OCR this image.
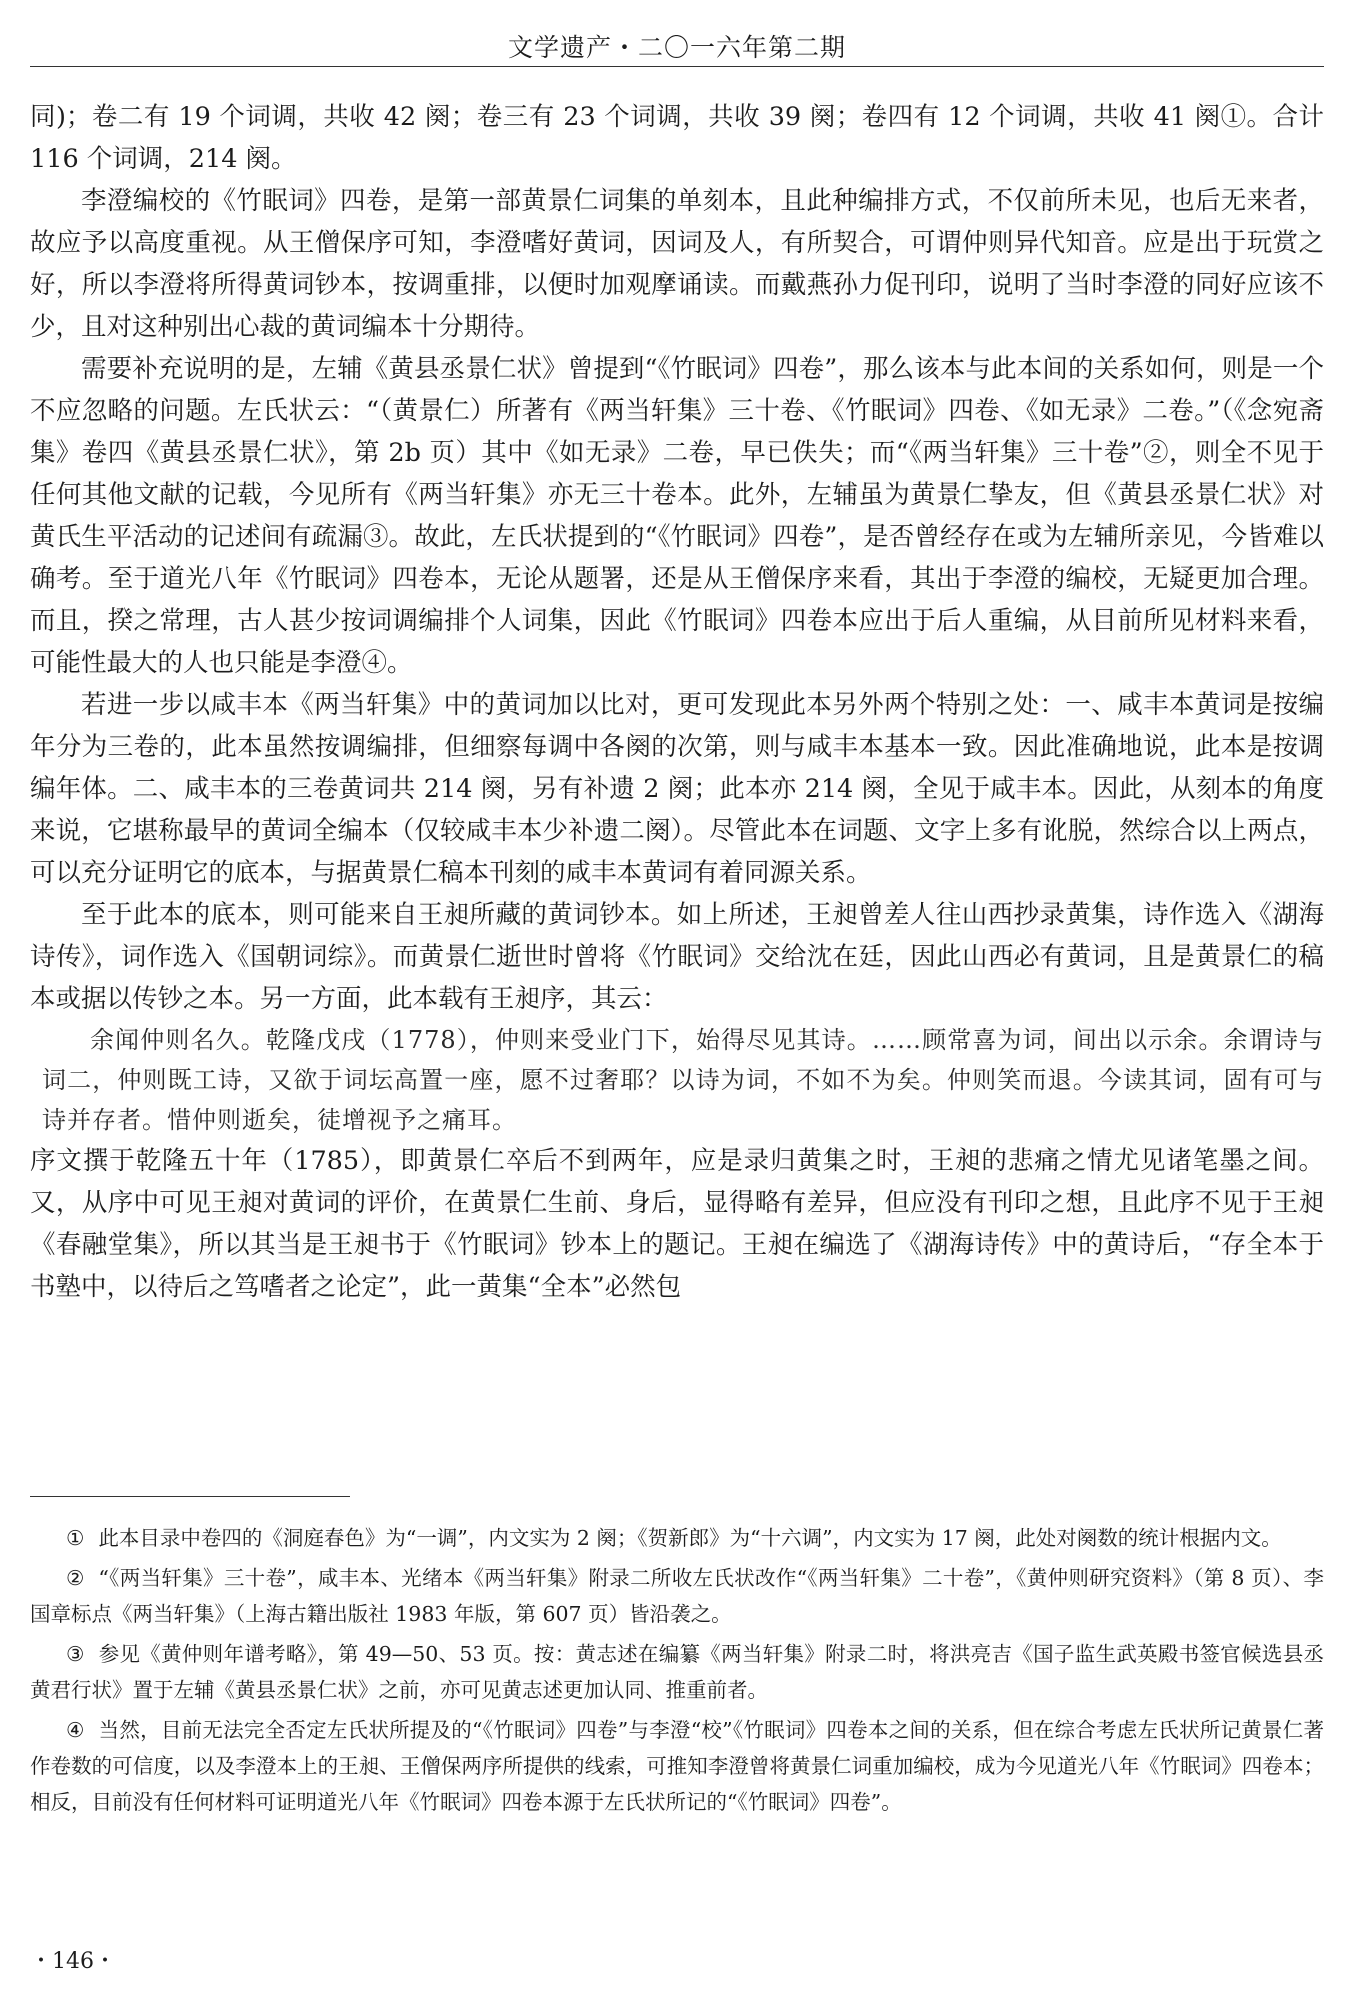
文学遗产・二〇一六年第二期

同)；卷二有 19 个词调，共收 42 阕；卷三有 23 个词调，共收 39 阕；卷四有 12 个词调，共收 41 阕①。合计 116 个词调，214 阕。

李澄编校的《竹眠词》四卷，是第一部黄景仁词集的单刻本，且此种编排方式，不仅前所未见，也后无来者，故应予以高度重视。从王僧保序可知，李澄嗜好黄词，因词及人，有所契合，可谓仲则异代知音。应是出于玩赏之好，所以李澄将所得黄词钞本，按调重排，以便时加观摩诵读。而戴燕孙力促刊印，说明了当时李澄的同好应该不少，且对这种别出心裁的黄词编本十分期待。

需要补充说明的是，左辅《黄县丞景仁状》曾提到“《竹眠词》四卷”，那么该本与此本间的关系如何，则是一个不应忽略的问题。左氏状云：“（黄景仁）所著有《两当轩集》三十卷、《竹眠词》四卷、《如无录》二卷。”（《念宛斋集》卷四《黄县丞景仁状》，第 2b 页）其中《如无录》二卷，早已佚失；而“《两当轩集》三十卷”②，则全不见于任何其他文献的记载，今见所有《两当轩集》亦无三十卷本。此外，左辅虽为黄景仁挚友，但《黄县丞景仁状》对黄氏生平活动的记述间有疏漏③。故此，左氏状提到的“《竹眠词》四卷”，是否曾经存在或为左辅所亲见，今皆难以确考。至于道光八年《竹眠词》四卷本，无论从题署，还是从王僧保序来看，其出于李澄的编校，无疑更加合理。而且，揆之常理，古人甚少按词调编排个人词集，因此《竹眠词》四卷本应出于后人重编，从目前所见材料来看，可能性最大的人也只能是李澄④。

若进一步以咸丰本《两当轩集》中的黄词加以比对，更可发现此本另外两个特别之处：一、咸丰本黄词是按编年分为三卷的，此本虽然按调编排，但细察每调中各阕的次第，则与咸丰本基本一致。因此准确地说，此本是按调编年体。二、咸丰本的三卷黄词共 214 阕，另有补遗 2 阕；此本亦 214 阕，全见于咸丰本。因此，从刻本的角度来说，它堪称最早的黄词全编本（仅较咸丰本少补遗二阕）。尽管此本在词题、文字上多有讹脱，然综合以上两点，可以充分证明它的底本，与据黄景仁稿本刊刻的咸丰本黄词有着同源关系。

至于此本的底本，则可能来自王昶所藏的黄词钞本。如上所述，王昶曾差人往山西抄录黄集，诗作选入《湖海诗传》，词作选入《国朝词综》。而黄景仁逝世时曾将《竹眠词》交给沈在廷，因此山西必有黄词，且是黄景仁的稿本或据以传钞之本。另一方面，此本载有王昶序，其云：

余闻仲则名久。乾隆戊戌（1778），仲则来受业门下，始得尽见其诗。……顾常喜为词，间出以示余。余谓诗与词二，仲则既工诗，又欲于词坛高置一座，愿不过奢耶？以诗为词，不如不为矣。仲则笑而退。今读其词，固有可与诗并存者。惜仲则逝矣，徒增视予之痛耳。

序文撰于乾隆五十年（1785），即黄景仁卒后不到两年，应是录归黄集之时，王昶的悲痛之情尤见诸笔墨之间。又，从序中可见王昶对黄词的评价，在黄景仁生前、身后，显得略有差异，但应没有刊印之想，且此序不见于王昶《春融堂集》，所以其当是王昶书于《竹眠词》钞本上的题记。王昶在编选了《湖海诗传》中的黄诗后，“存全本于书塾中，以待后之笃嗜者之论定”，此一黄集“全本”必然包

① 此本目录中卷四的《洞庭春色》为“一调”，内文实为 2 阕；《贺新郎》为“十六调”，内文实为 17 阕，此处对阕数的统计根据内文。

② “《两当轩集》三十卷”，咸丰本、光绪本《两当轩集》附录二所收左氏状改作“《两当轩集》二十卷”，《黄仲则研究资料》（第 8 页）、李国章标点《两当轩集》（上海古籍出版社 1983 年版，第 607 页）皆沿袭之。

③ 参见《黄仲则年谱考略》，第 49—50、53 页。按：黄志述在编纂《两当轩集》附录二时，将洪亮吉《国子监生武英殿书签官候选县丞黄君行状》置于左辅《黄县丞景仁状》之前，亦可见黄志述更加认同、推重前者。

④ 当然，目前无法完全否定左氏状所提及的“《竹眠词》四卷”与李澄“校”《竹眠词》四卷本之间的关系，但在综合考虑左氏状所记黄景仁著作卷数的可信度，以及李澄本上的王昶、王僧保两序所提供的线索，可推知李澄曾将黄景仁词重加编校，成为今见道光八年《竹眠词》四卷本；相反，目前没有任何材料可证明道光八年《竹眠词》四卷本源于左氏状所记的“《竹眠词》四卷”。

・146・
